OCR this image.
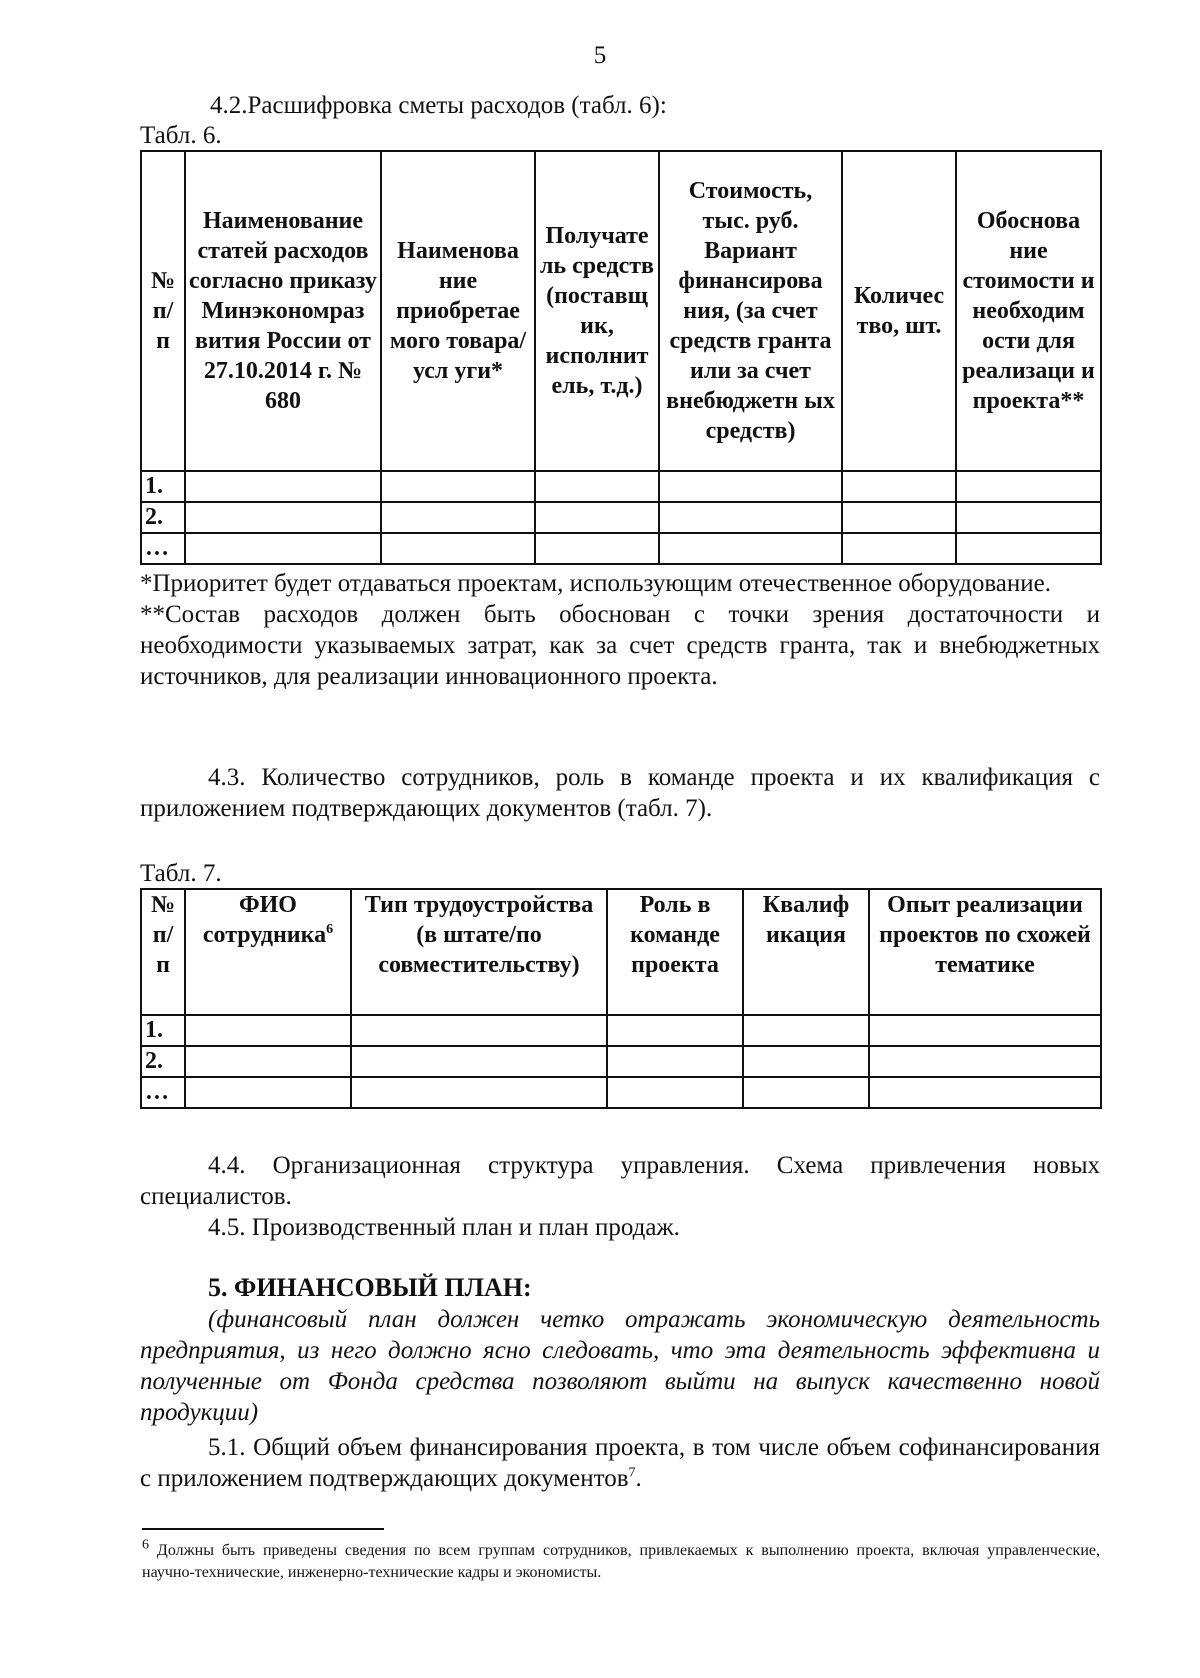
5
4.2.Расшифровка сметы расходов (табл. 6):
Табл. 6.
№ п/ п	Наименование статей расходов согласно приказу Минэкономраз вития России от 27.10.2014 г. № 680	Наименова ние приобретае мого товара/усл уги*	Получате ль средств (поставщ ик, исполнит ель, т.д.)	Стоимость, тыс. руб. Вариант финансирова ния, (за счет средств гранта или за счет внебюджетн ых средств)	Количес тво, шт.	Обоснова ние стоимости и необходим ости для реализаци и проекта**
1.						
2.						
…						
*Приоритет будет отдаваться проектам, использующим отечественное оборудование.
**Состав расходов должен быть обоснован с точки зрения достаточности и необходимости указываемых затрат, как за счет средств гранта, так и внебюджетных источников, для реализации инновационного проекта.
4.3. Количество сотрудников, роль в команде проекта и их квалификация с приложением подтверждающих документов (табл. 7).
Табл. 7.
№ п/ п	ФИО сотрудника$^6$	Тип трудоустройства (в штате/по совместительству)	Роль в команде проекта	Квалиф икация	Опыт реализации проектов по схожей тематике
1.					
2.					
…					
4.4. Организационная структура управления. Схема привлечения новых специалистов.
4.5. Производственный план и план продаж.
5. ФИНАНСОВЫЙ ПЛАН:
(финансовый план должен четко отражать экономическую деятельность предприятия, из него должно ясно следовать, что эта деятельность эффективна и полученные от Фонда средства позволяют выйти на выпуск качественно новой продукции)
5.1. Общий объем финансирования проекта, в том числе объем софинансирования с приложением подтверждающих документов$^7$.
$^6$ Должны быть приведены сведения по всем группам сотрудников, привлекаемых к выполнению проекта, включая управленческие, научно-технические, инженерно-технические кадры и экономисты.
